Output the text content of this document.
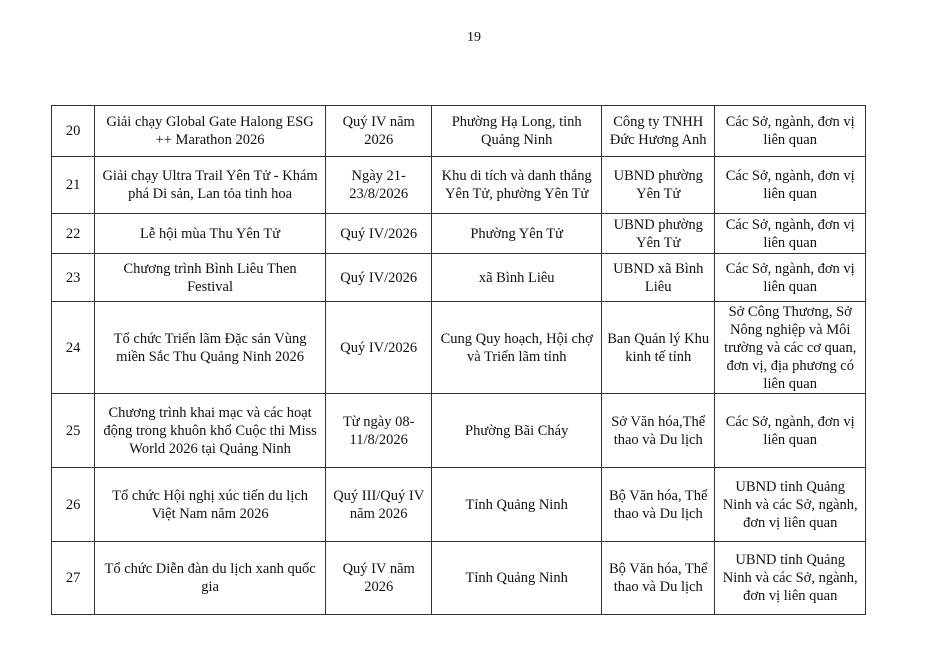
19
20	Giải chạy Global Gate Halong ESG ++ Marathon 2026	Quý IV năm 2026	Phường Hạ Long, tỉnh Quảng Ninh	Công ty TNHH Đức Hương Anh	Các Sở, ngành, đơn vị liên quan
21	Giải chạy Ultra Trail Yên Tử - Khám phá Di sản, Lan tỏa tinh hoa	Ngày 21-23/8/2026	Khu di tích và danh thắng Yên Tử, phường Yên Tử	UBND phường Yên Tử	Các Sở, ngành, đơn vị liên quan
22	Lễ hội mùa Thu Yên Tử	Quý IV/2026	Phường Yên Tử	UBND phường Yên Tử	Các Sở, ngành, đơn vị liên quan
23	Chương trình Bình Liêu Then Festival	Quý IV/2026	xã Bình Liêu	UBND xã Bình Liêu	Các Sở, ngành, đơn vị liên quan
24	Tổ chức Triển lãm Đặc sản Vùng miền Sắc Thu Quảng Ninh 2026	Quý IV/2026	Cung Quy hoạch, Hội chợ và Triển lãm tỉnh	Ban Quản lý Khu kinh tế tỉnh	Sở Công Thương, Sở Nông nghiệp và Môi trường và các cơ quan, đơn vị, địa phương có liên quan
25	Chương trình khai mạc và các hoạt động trong khuôn khổ Cuộc thi Miss World 2026 tại Quảng Ninh	Từ ngày 08-11/8/2026	Phường Bãi Cháy	Sở Văn hóa,Thể thao và Du lịch	Các Sở, ngành, đơn vị liên quan
26	Tổ chức Hội nghị xúc tiến du lịch Việt Nam năm 2026	Quý III/Quý IV năm 2026	Tỉnh Quảng Ninh	Bộ Văn hóa, Thể thao và Du lịch	UBND tỉnh Quảng Ninh và các Sở, ngành, đơn vị liên quan
27	Tổ chức Diễn đàn du lịch xanh quốc gia	Quý IV năm 2026	Tỉnh Quảng Ninh	Bộ Văn hóa, Thể thao và Du lịch	UBND tỉnh Quảng Ninh và các Sở, ngành, đơn vị liên quan
